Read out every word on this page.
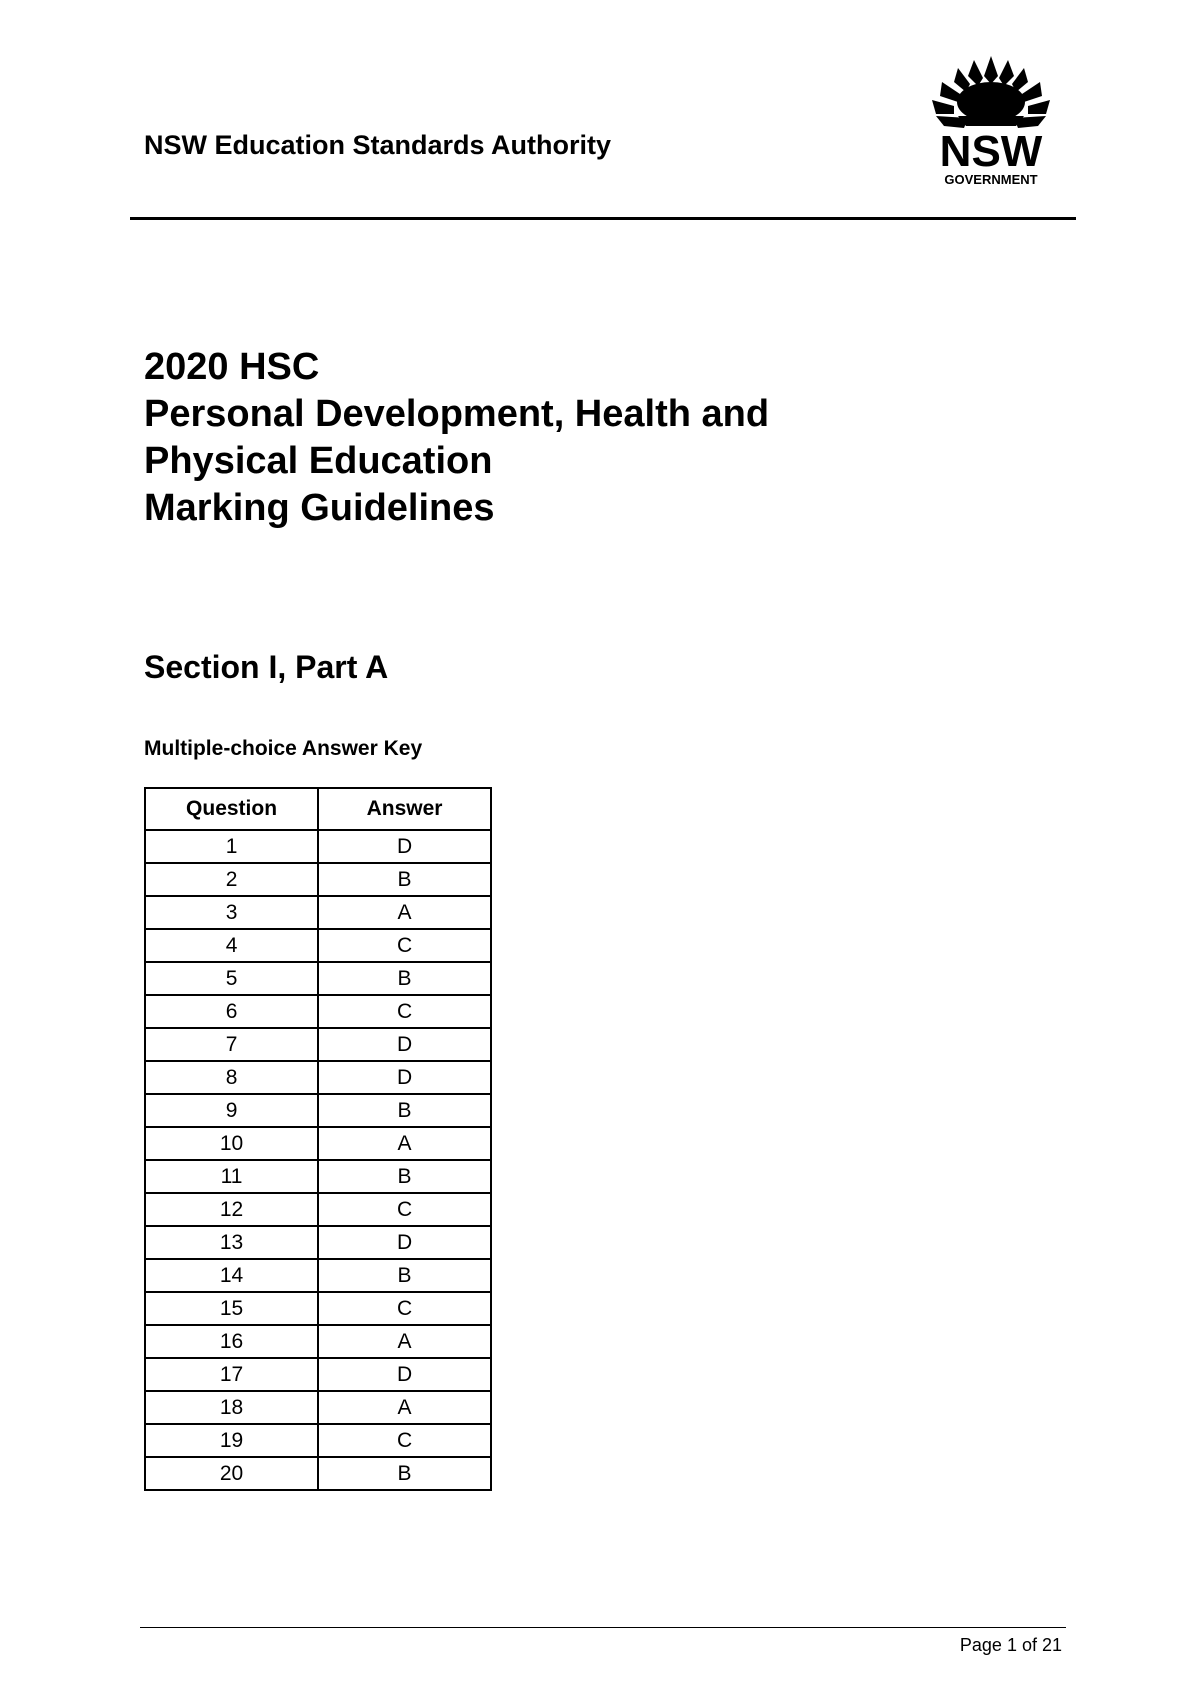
NSW Education Standards Authority	NSW
GOVERNMENT
2020 HSC
Personal Development, Health and
Physical Education
Marking Guidelines
Section I, Part A
Multiple-choice Answer Key
Question	Answer
1	D
2	B
3	A
4	C
5	B
6	C
7	D
8	D
9	B
10	A
11	B
12	C
13	D
14	B
15	C
16	A
17	D
18	A
19	C
20	B
Page 1 of 21
